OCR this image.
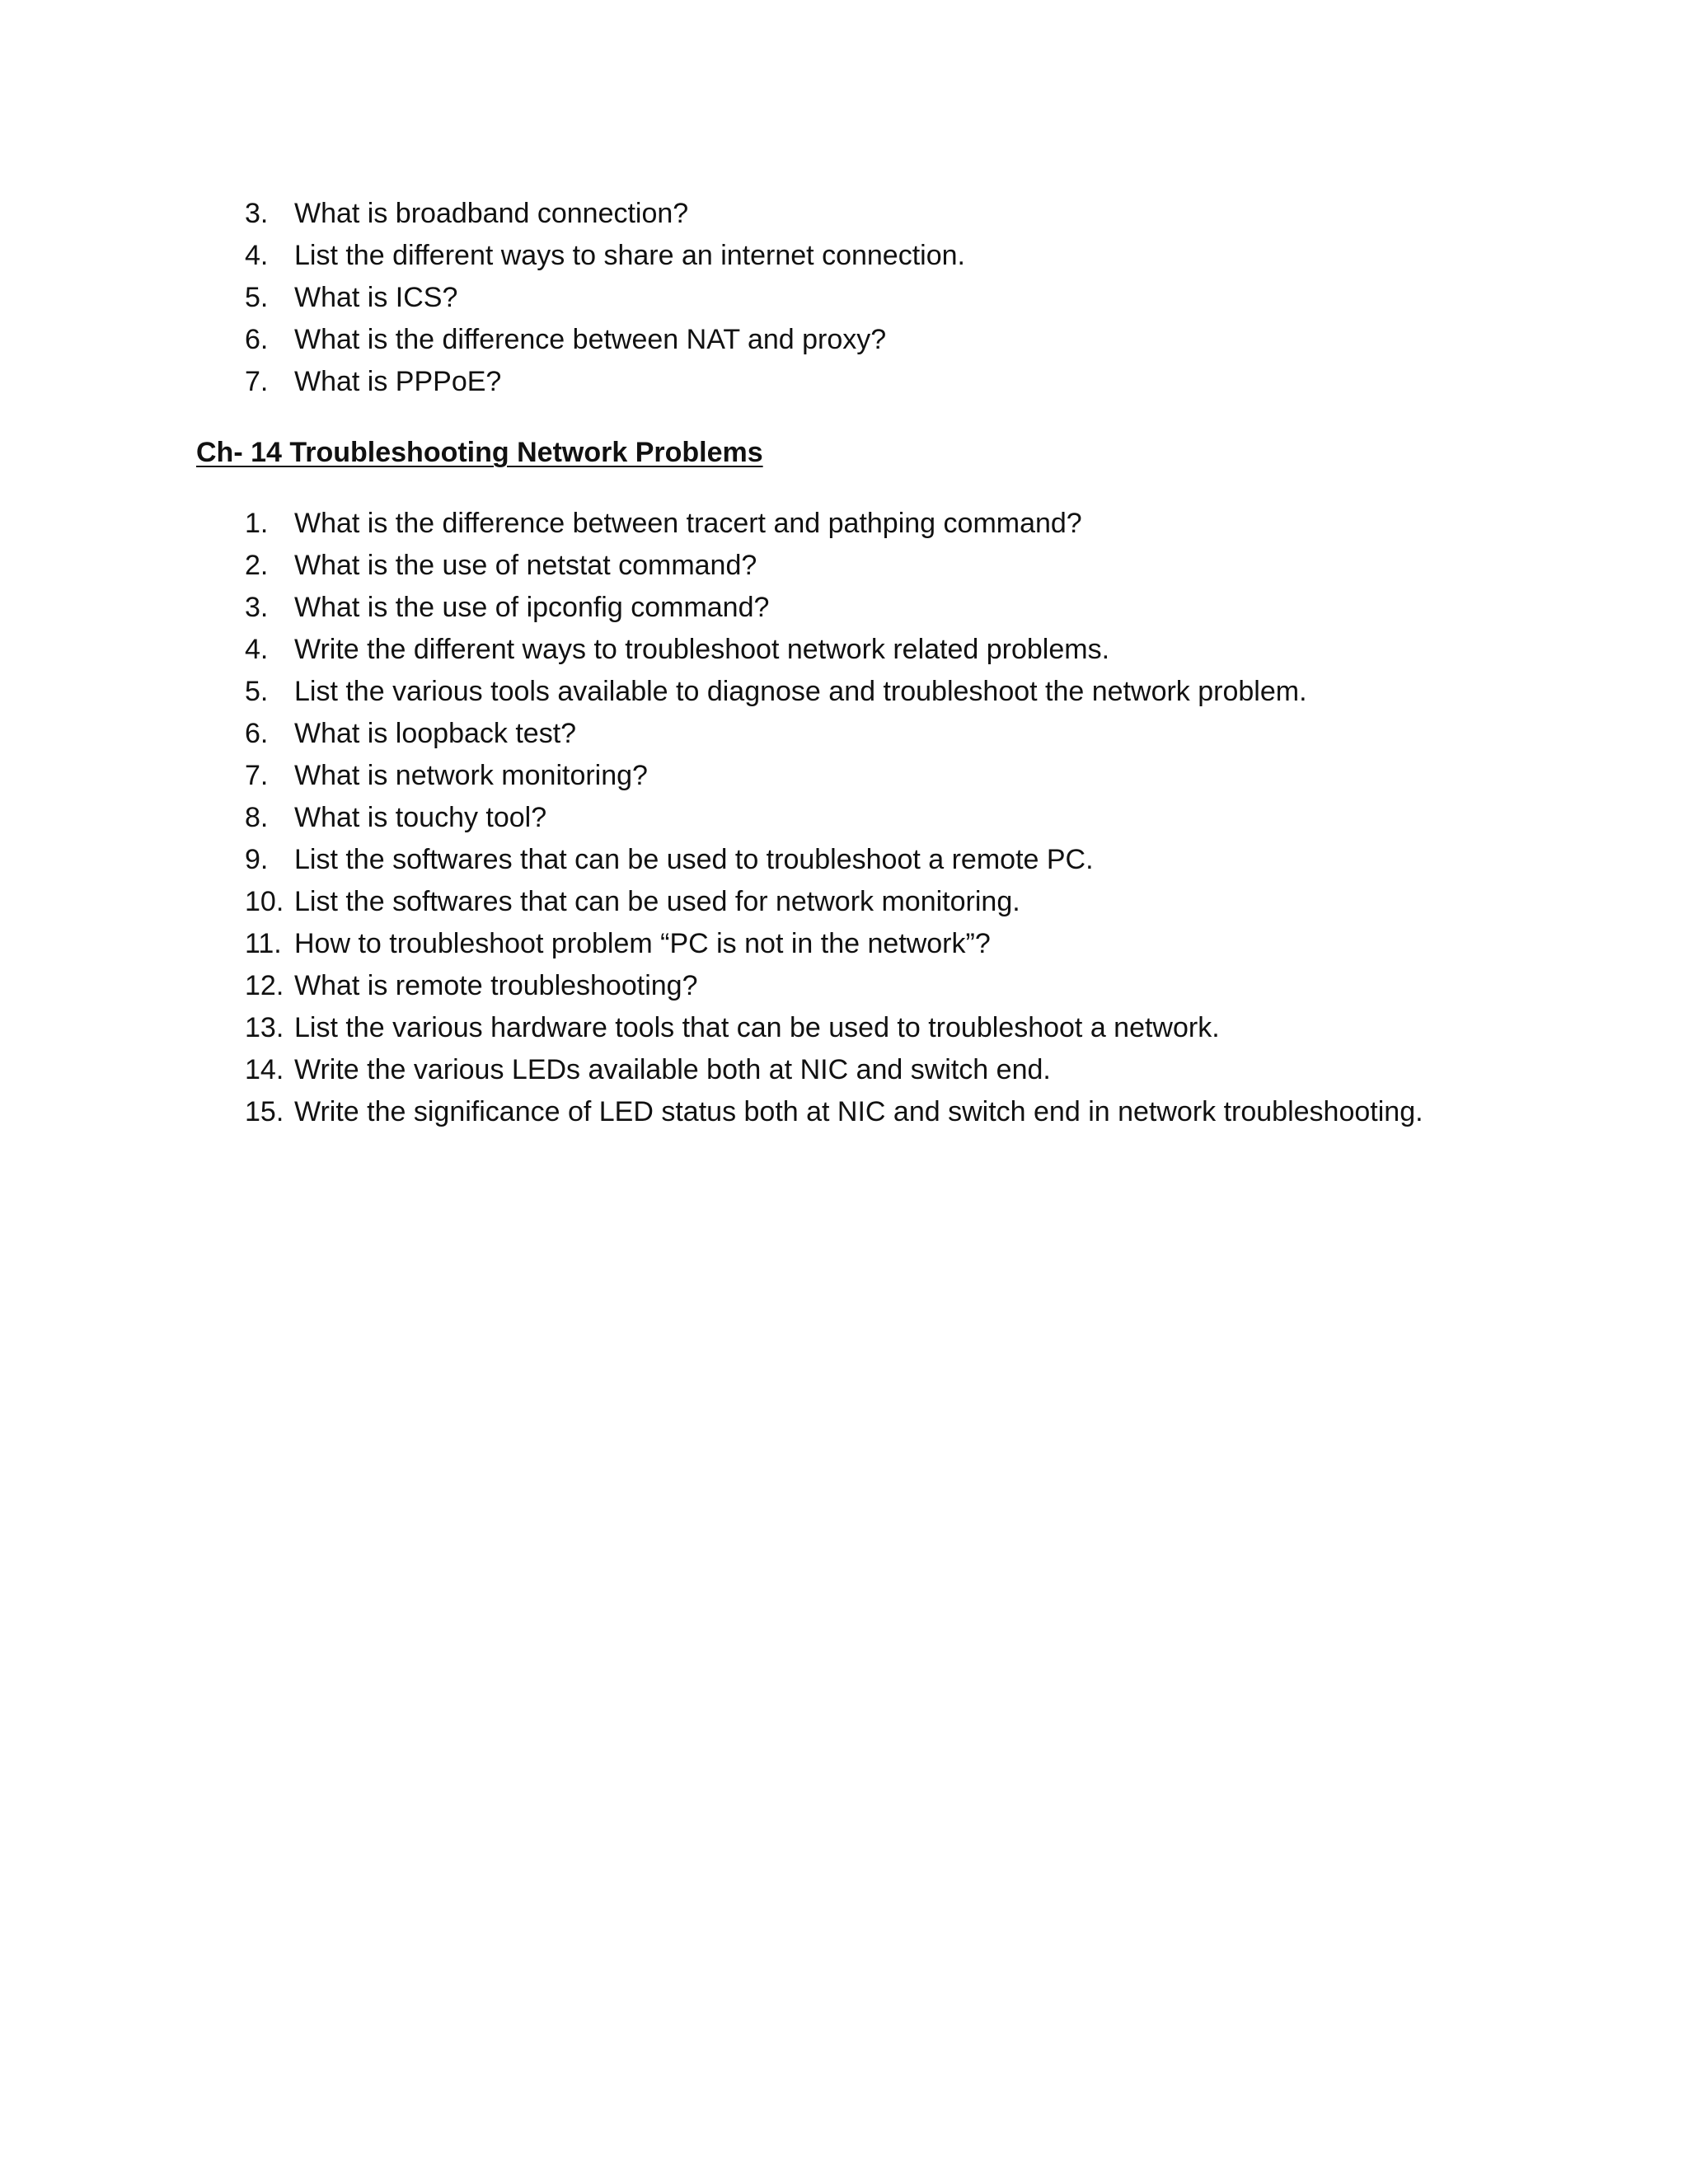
3. What is broadband connection?
4. List the different ways to share an internet connection.
5. What is ICS?
6. What is the difference between NAT and proxy?
7. What is PPPoE?
Ch- 14 Troubleshooting Network Problems
1. What is the difference between tracert and pathping command?
2. What is the use of netstat command?
3. What is the use of ipconfig command?
4. Write the different ways to troubleshoot network related problems.
5. List the various tools available to diagnose and troubleshoot the network problem.
6. What is loopback test?
7. What is network monitoring?
8. What is touchy tool?
9. List the softwares that can be used to troubleshoot a remote PC.
10. List the softwares that can be used for network monitoring.
11. How to troubleshoot problem “PC is not in the network”?
12. What is remote troubleshooting?
13. List the various hardware tools that can be used to troubleshoot a network.
14. Write the various LEDs available both at NIC and switch end.
15. Write the significance of LED status both at NIC and switch end in network troubleshooting.
